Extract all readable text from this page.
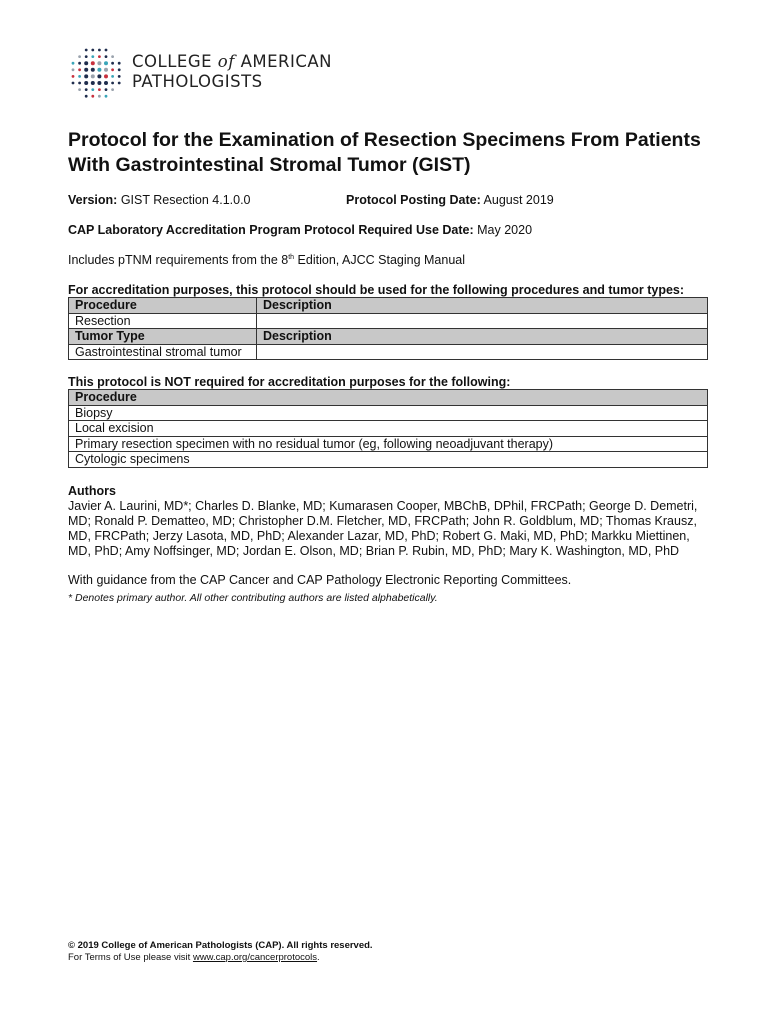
COLLEGE of AMERICAN
PATHOLOGISTS
Protocol for the Examination of Resection Specimens From Patients With Gastrointestinal Stromal Tumor (GIST)
Version: GIST Resection 4.1.0.0	Protocol Posting Date: August 2019
CAP Laboratory Accreditation Program Protocol Required Use Date: May 2020
Includes pTNM requirements from the 8th Edition, AJCC Staging Manual
For accreditation purposes, this protocol should be used for the following procedures and tumor types:
Procedure	Description
Resection	
Tumor Type	Description
Gastrointestinal stromal tumor	
This protocol is NOT required for accreditation purposes for the following:
Procedure
Biopsy
Local excision
Primary resection specimen with no residual tumor (eg, following neoadjuvant therapy)
Cytologic specimens
Authors
Javier A. Laurini, MD*; Charles D. Blanke, MD; Kumarasen Cooper, MBChB, DPhil, FRCPath; George D. Demetri, MD; Ronald P. Dematteo, MD; Christopher D.M. Fletcher, MD, FRCPath; John R. Goldblum, MD; Thomas Krausz, MD, FRCPath; Jerzy Lasota, MD, PhD; Alexander Lazar, MD, PhD; Robert G. Maki, MD, PhD; Markku Miettinen, MD, PhD; Amy Noffsinger, MD; Jordan E. Olson, MD; Brian P. Rubin, MD, PhD; Mary K. Washington, MD, PhD
With guidance from the CAP Cancer and CAP Pathology Electronic Reporting Committees.
* Denotes primary author. All other contributing authors are listed alphabetically.
© 2019 College of American Pathologists (CAP). All rights reserved.
For Terms of Use please visit www.cap.org/cancerprotocols.
